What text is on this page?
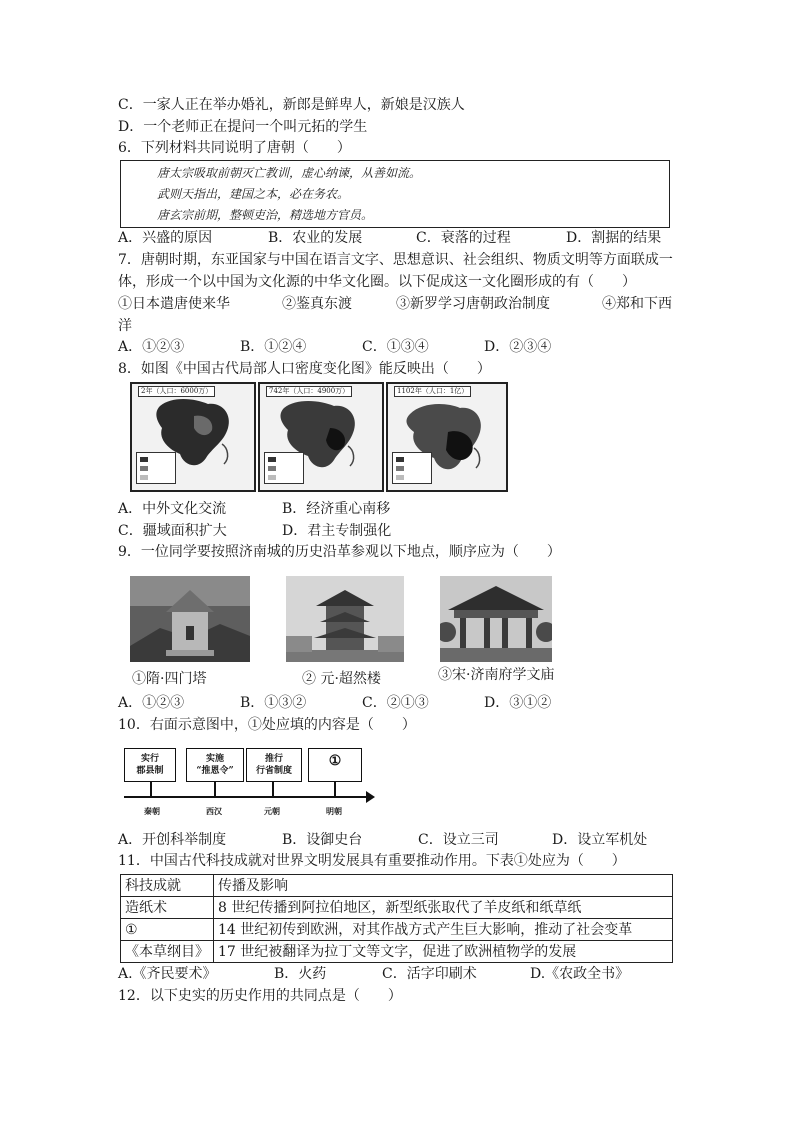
C．一家人正在举办婚礼，新郎是鲜卑人，新娘是汉族人
D．一个老师正在提问一个叫元拓的学生
6．下列材料共同说明了唐朝（　　）
唐太宗吸取前朝灭亡教训，虚心纳谏，从善如流。
武则天指出，建国之本，必在务农。
唐玄宗前期，整顿吏治，精选地方官员。
A．兴盛的原因	B．农业的发展	C．衰落的过程	D．割据的结果
7．唐朝时期，东亚国家与中国在语言文字、思想意识、社会组织、物质文明等方面联成一
体，形成一个以中国为文化源的中华文化圈。以下促成这一文化圈形成的有（　　）
①日本遣唐使来华	②鉴真东渡	③新罗学习唐朝政治制度	④郑和下西
洋
A．①②③	B．①②④	C．①③④	D．②③④
8．如图《中国古代局部人口密度变化图》能反映出（　　）
2年（人口：6000万）	742年（人口：4900万）	1102年（人口：1亿）
A．中外文化交流	B．经济重心南移
C．疆域面积扩大	D．君主专制强化
9．一位同学要按照济南城的历史沿革参观以下地点，顺序应为（　　）
①隋·四门塔	② 元·超然楼	③宋·济南府学文庙
A．①②③	B．①③②	C．②①③	D．③①②
10．右面示意图中，①处应填的内容是（　　）
实行
郡县制
实施
“推恩令”
推行
行省制度
①
秦朝	西汉	元朝	明朝
A．开创科举制度	B．设御史台	C．设立三司	D．设立军机处
11．中国古代科技成就对世界文明发展具有重要推动作用。下表①处应为（　　）
科技成就	传播及影响
造纸术	8 世纪传播到阿拉伯地区，新型纸张取代了羊皮纸和纸草纸
①	14 世纪初传到欧洲，对其作战方式产生巨大影响，推动了社会变革
《本草纲目》	17 世纪被翻译为拉丁文等文字，促进了欧洲植物学的发展
A.《齐民要术》	B．火药	C．活字印刷术	D.《农政全书》
12．以下史实的历史作用的共同点是（　　）
